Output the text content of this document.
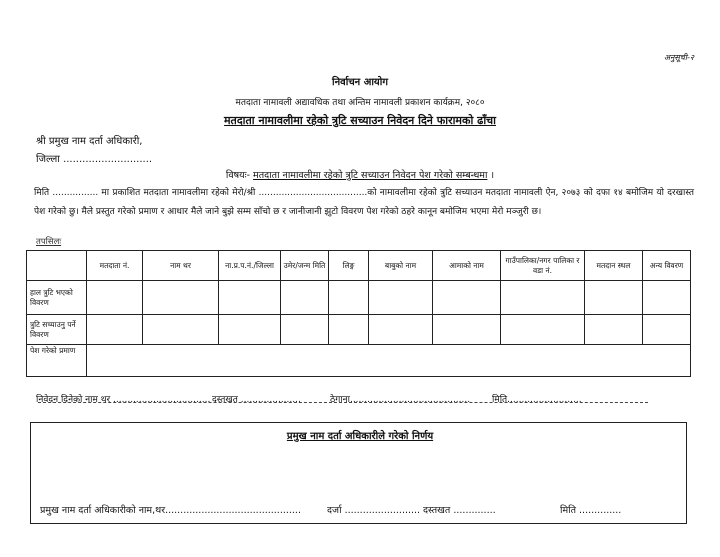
अनुसूची-२
निर्वाचन आयोग
मतदाता नामावली अद्यावधिक तथा अन्तिम नामावली प्रकाशन कार्यक्रम, २०८०
मतदाता नामावलीमा रहेको त्रुटि सच्याउन निवेदन दिने फारामको ढाँचा
श्री प्रमुख नाम दर्ता अधिकारी,
जिल्ला ............................
विषयः- मतदाता नामावलीमा रहेको त्रुटि सच्याउन निवेदन पेश गरेको सम्बन्धमा ।
मिति ................ मा प्रकाशित मतदाता नामावलीमा रहेको मेरो/श्री ......................................को नामावलीमा रहेको त्रुटि सच्याउन मतदाता नामावली ऐन, २०७३ को दफा १४ बमोजिम यो दरखास्त पेश गरेको छु। मैले प्रस्तुत गरेको प्रमाण र आधार मैले जाने बुझे सम्म साँचो छ र जानीजानी झुटो विवरण पेश गरेको ठहरे कानून बमोजिम भएमा मेरो मञ्जुरी छ।
तपसिलः
	मतदाता नं.	नाम थर	ना.प्र.प.नं./जिल्ला	उमेर/जन्म मिति	लिङ्ग	बाबुको नाम	आमाको नाम	गाउँपालिका/नगर पालिका र वडा नं.	मतदान स्थल	अन्य विवरण
हाल त्रुटि भएको विवरण										
त्रुटि सच्याउनु पर्ने विवरण										
पेश गरेको प्रमाण										
निवेदन दिनेको नाम थर .................................. दस्तखत .....................	ठेगाना.......................................... मिति..........................
प्रमुख नाम दर्ता अधिकारीले गरेको निर्णय
प्रमुख नाम दर्ता अधिकारीको नाम,थर.............................................	दर्जा ......................... दस्तखत ..............	मिति ..............
